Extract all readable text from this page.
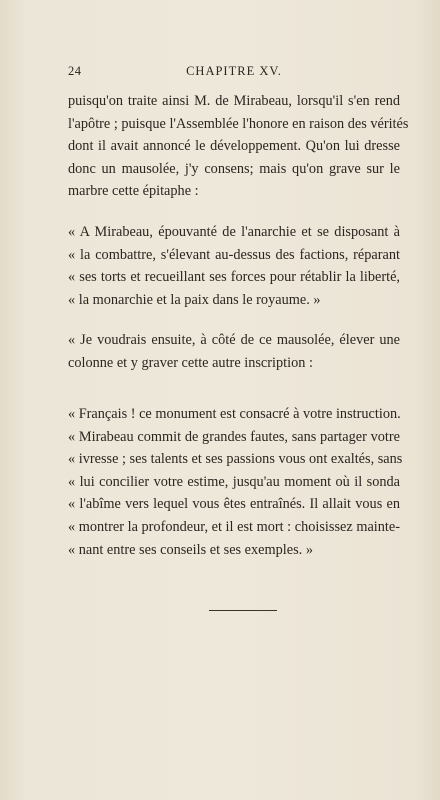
24	CHAPITRE XV.
puisqu'on traite ainsi M. de Mirabeau, lorsqu'il s'en rend
l'apôtre ; puisque l'Assemblée l'honore en raison des vérités
dont il avait annoncé le développement. Qu'on lui dresse
donc un mausolée, j'y consens; mais qu'on grave sur le
marbre cette épitaphe :
« A Mirabeau, épouvanté de l'anarchie et se disposant à
« la combattre, s'élevant au-dessus des factions, réparant
« ses torts et recueillant ses forces pour rétablir la liberté,
« la monarchie et la paix dans le royaume. »
« Je voudrais ensuite, à côté de ce mausolée, élever une
colonne et y graver cette autre inscription :
« Français ! ce monument est consacré à votre instruction.
« Mirabeau commit de grandes fautes, sans partager votre
« ivresse ; ses talents et ses passions vous ont exaltés, sans
« lui concilier votre estime, jusqu'au moment où il sonda
« l'abîme vers lequel vous êtes entraînés. Il allait vous en
« montrer la profondeur, et il est mort : choisissez mainte-
« nant entre ses conseils et ses exemples. »
